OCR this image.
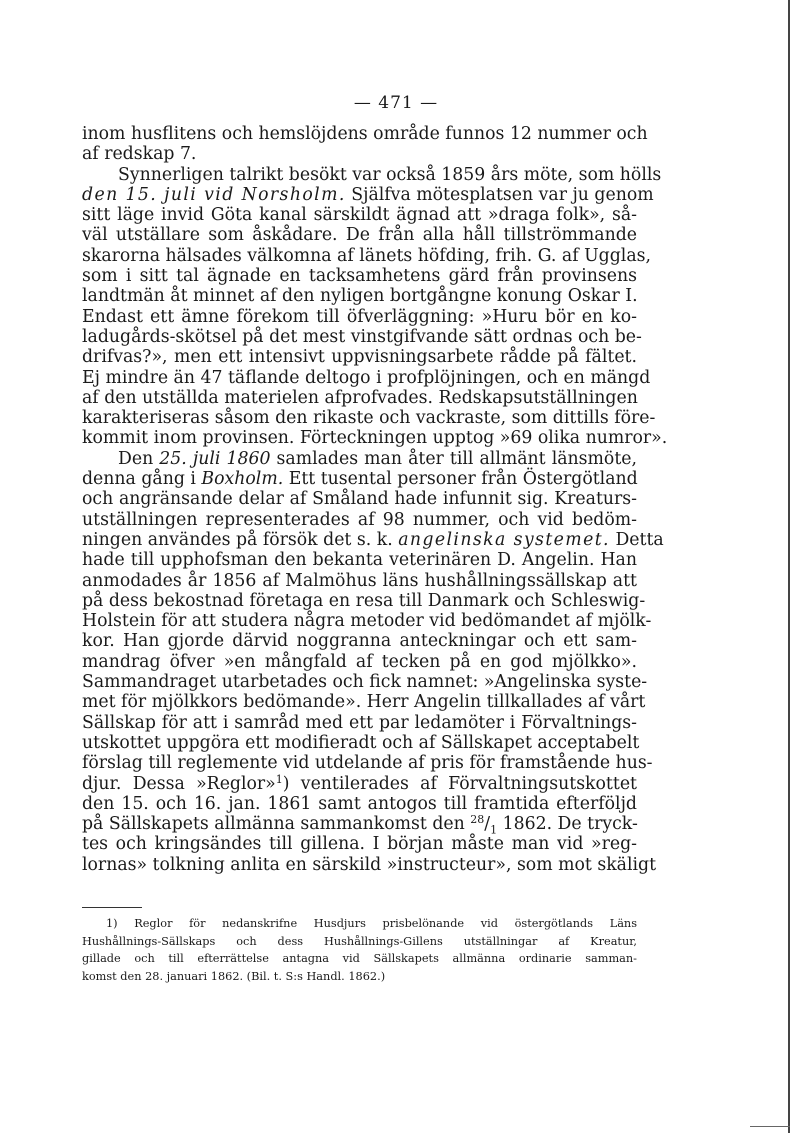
— 471 —
inom husflitens och hemslöjdens område funnos 12 nummer och
af redskap 7.
Synnerligen talrikt besökt var också 1859 års möte, som hölls
den 15. juli vid Norsholm. Själfva mötesplatsen var ju genom
sitt läge invid Göta kanal särskildt ägnad att »draga folk», så-
väl utställare som åskådare. De från alla håll tillströmmande
skarorna hälsades välkomna af länets höfding, frih. G. af Ugglas,
som i sitt tal ägnade en tacksamhetens gärd från provinsens
landtmän åt minnet af den nyligen bortgångne konung Oskar I.
Endast ett ämne förekom till öfverläggning: »Huru bör en ko-
ladugårds-skötsel på det mest vinstgifvande sätt ordnas och be-
drifvas?», men ett intensivt uppvisningsarbete rådde på fältet.
Ej mindre än 47 täflande deltogo i profplöjningen, och en mängd
af den utställda materielen afprofvades. Redskapsutställningen
karakteriseras såsom den rikaste och vackraste, som dittills före-
kommit inom provinsen. Förteckningen upptog »69 olika numror».
Den 25. juli 1860 samlades man åter till allmänt länsmöte,
denna gång i Boxholm. Ett tusental personer från Östergötland
och angränsande delar af Småland hade infunnit sig. Kreaturs-
utställningen representerades af 98 nummer, och vid bedöm-
ningen användes på försök det s. k. angelinska systemet. Detta
hade till upphofsman den bekanta veterinären D. Angelin. Han
anmodades år 1856 af Malmöhus läns hushållningssällskap att
på dess bekostnad företaga en resa till Danmark och Schleswig-
Holstein för att studera några metoder vid bedömandet af mjölk-
kor. Han gjorde därvid noggranna anteckningar och ett sam-
mandrag öfver »en mångfald af tecken på en god mjölkko».
Sammandraget utarbetades och fick namnet: »Angelinska syste-
met för mjölkkors bedömande». Herr Angelin tillkallades af vårt
Sällskap för att i samråd med ett par ledamöter i Förvaltnings-
utskottet uppgöra ett modifieradt och af Sällskapet acceptabelt
förslag till reglemente vid utdelande af pris för framstående hus-
djur. Dessa »Reglor»$^1$) ventilerades af Förvaltningsutskottet
den 15. och 16. jan. 1861 samt antogos till framtida efterföljd
på Sällskapets allmänna sammankomst den $^{28}/_1$ 1862. De tryck-
tes och kringsändes till gillena. I början måste man vid »reg-
lornas» tolkning anlita en särskild »instructeur», som mot skäligt
1) Reglor för nedanskrifne Husdjurs prisbelönande vid östergötlands Läns
Hushållnings-Sällskaps och dess Hushållnings-Gillens utställningar af Kreatur,
gillade och till efterrättelse antagna vid Sällskapets allmänna ordinarie samman-
komst den 28. januari 1862. (Bil. t. S:s Handl. 1862.)
